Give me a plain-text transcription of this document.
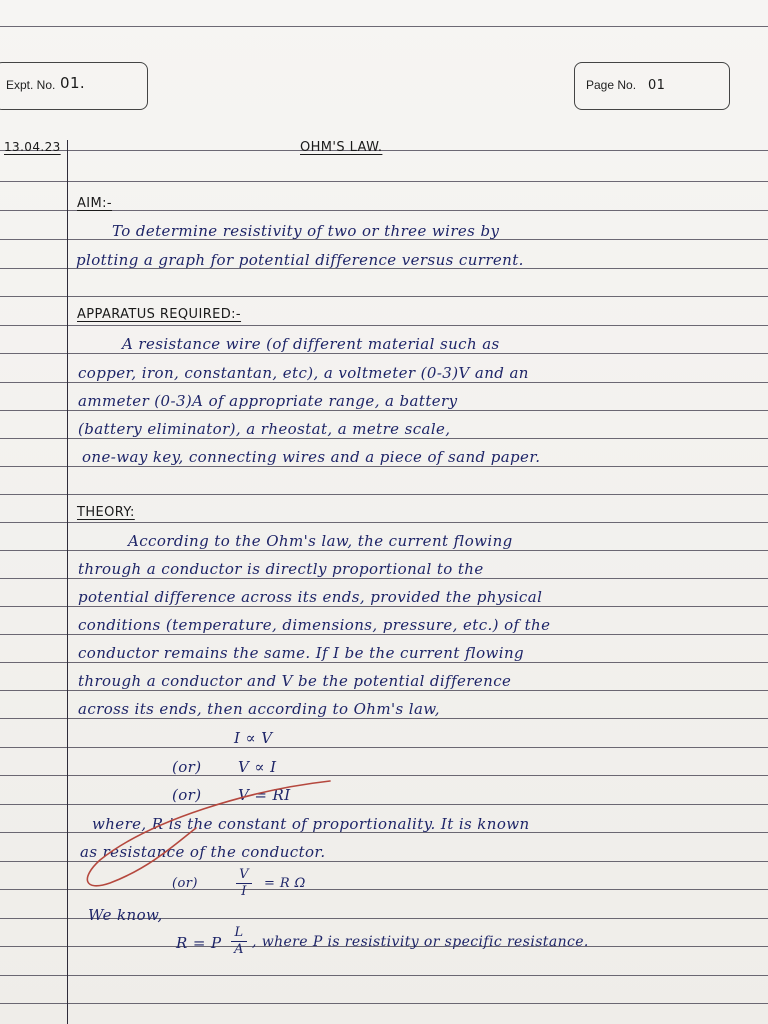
Expt. No. 01.	Page No. 01
13.04.23	OHM'S LAW.
AIM:-
To determine resistivity of two or three wires by
plotting a graph for potential difference versus current.
APPARATUS REQUIRED:-
A resistance wire (of different material such as
copper, iron, constantan, etc), a voltmeter (0-3)V and an
ammeter (0-3)A of appropriate range, a battery
(battery eliminator), a rheostat, a metre scale,
one-way key, connecting wires and a piece of sand paper.
THEORY:
According to the Ohm's law, the current flowing
through a conductor is directly proportional to the
potential difference across its ends, provided the physical
conditions (temperature, dimensions, pressure, etc.) of the
conductor remains the same. If I be the current flowing
through a conductor and V be the potential difference
across its ends, then according to Ohm's law,
I ∝ V
(or) V ∝ I
(or) V = RI
where, R is the constant of proportionality. It is known
as resistance of the conductor.
(or)
V
I
= R Ω
We know,
R = P
L
A , where P is resistivity or specific resistance.
